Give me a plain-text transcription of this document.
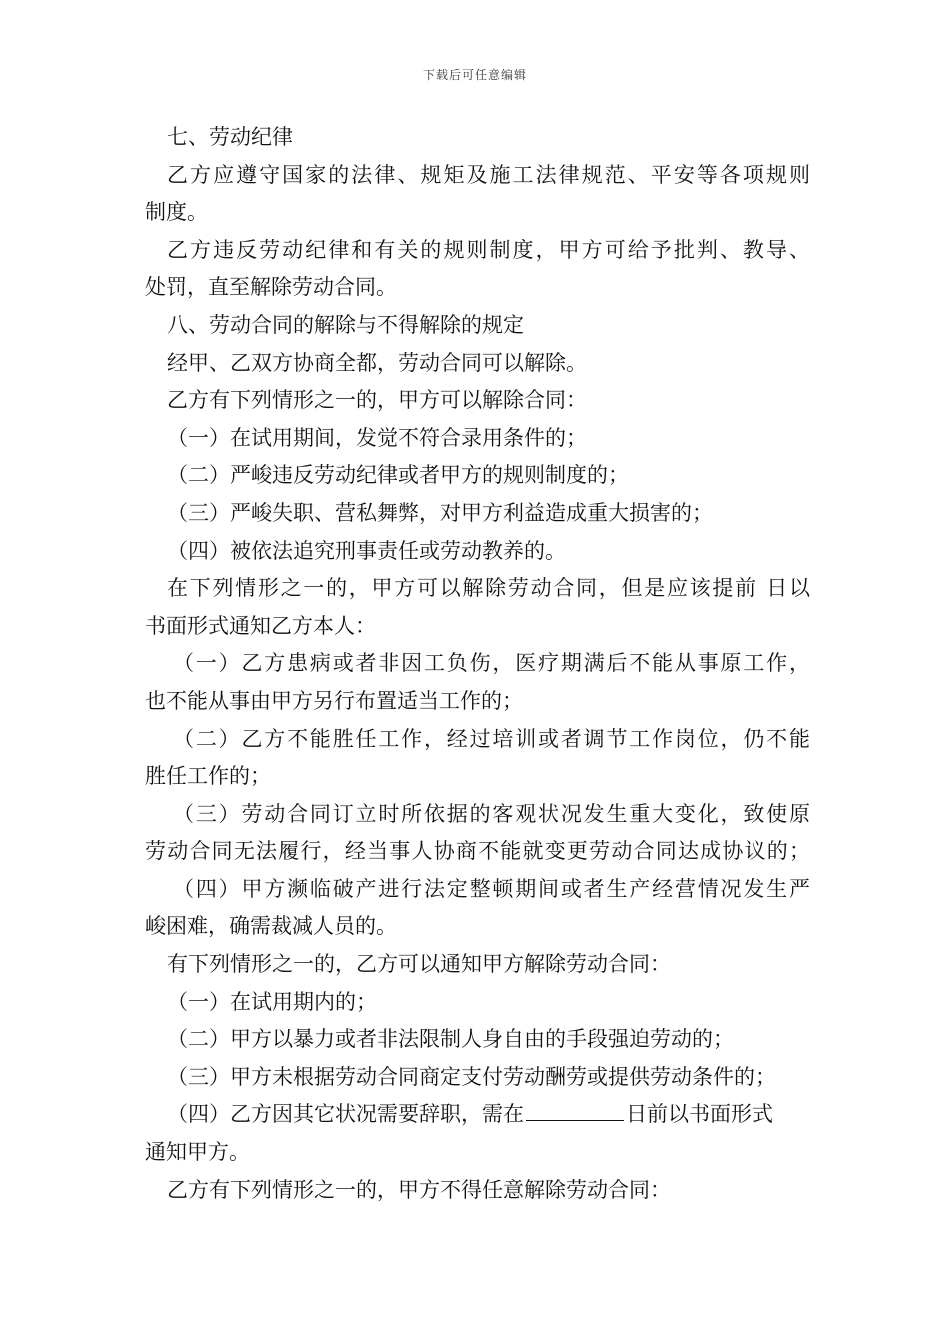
下载后可任意编辑
七、劳动纪律
乙方应遵守国家的法律、规矩及施工法律规范、平安等各项规则
制度。
乙方违反劳动纪律和有关的规则制度，甲方可给予批判、教导、
处罚，直至解除劳动合同。
八、劳动合同的解除与不得解除的规定
经甲、乙双方协商全都，劳动合同可以解除。
乙方有下列情形之一的，甲方可以解除合同：
（一）在试用期间，发觉不符合录用条件的；
（二）严峻违反劳动纪律或者甲方的规则制度的；
（三）严峻失职、营私舞弊，对甲方利益造成重大损害的；
（四）被依法追究刑事责任或劳动教养的。
在下列情形之一的，甲方可以解除劳动合同，但是应该提前 日以
书面形式通知乙方本人：
（一）乙方患病或者非因工负伤，医疗期满后不能从事原工作，
也不能从事由甲方另行布置适当工作的；
（二）乙方不能胜任工作，经过培训或者调节工作岗位，仍不能
胜任工作的；
（三）劳动合同订立时所依据的客观状况发生重大变化，致使原
劳动合同无法履行，经当事人协商不能就变更劳动合同达成协议的；
（四）甲方濒临破产进行法定整顿期间或者生产经营情况发生严
峻困难，确需裁减人员的。
有下列情形之一的，乙方可以通知甲方解除劳动合同：
（一）在试用期内的；
（二）甲方以暴力或者非法限制人身自由的手段强迫劳动的；
（三）甲方未根据劳动合同商定支付劳动酬劳或提供劳动条件的；
（四）乙方因其它状况需要辞职，需在	日前以书面形式
通知甲方。
乙方有下列情形之一的，甲方不得任意解除劳动合同：
